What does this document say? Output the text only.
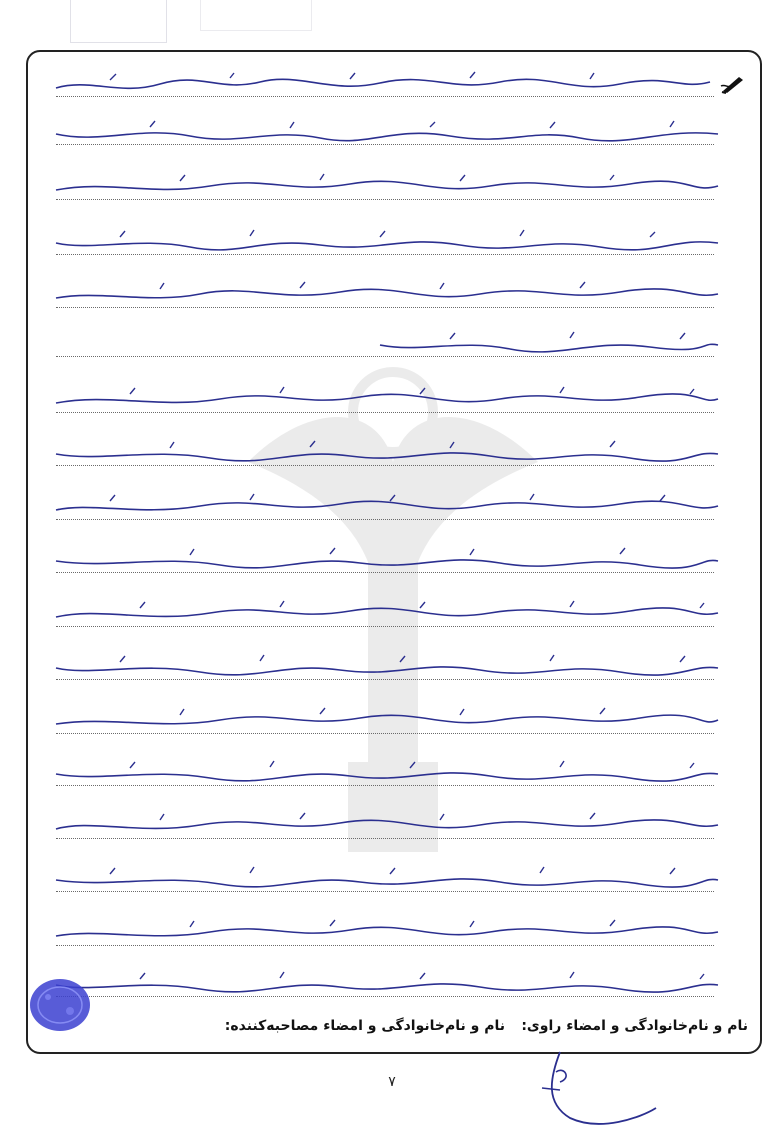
نام و نام‌خانوادگی و امضاء راوی:
نام و نام‌خانوادگی و امضاء مصاحبه‌کننده:
۷
